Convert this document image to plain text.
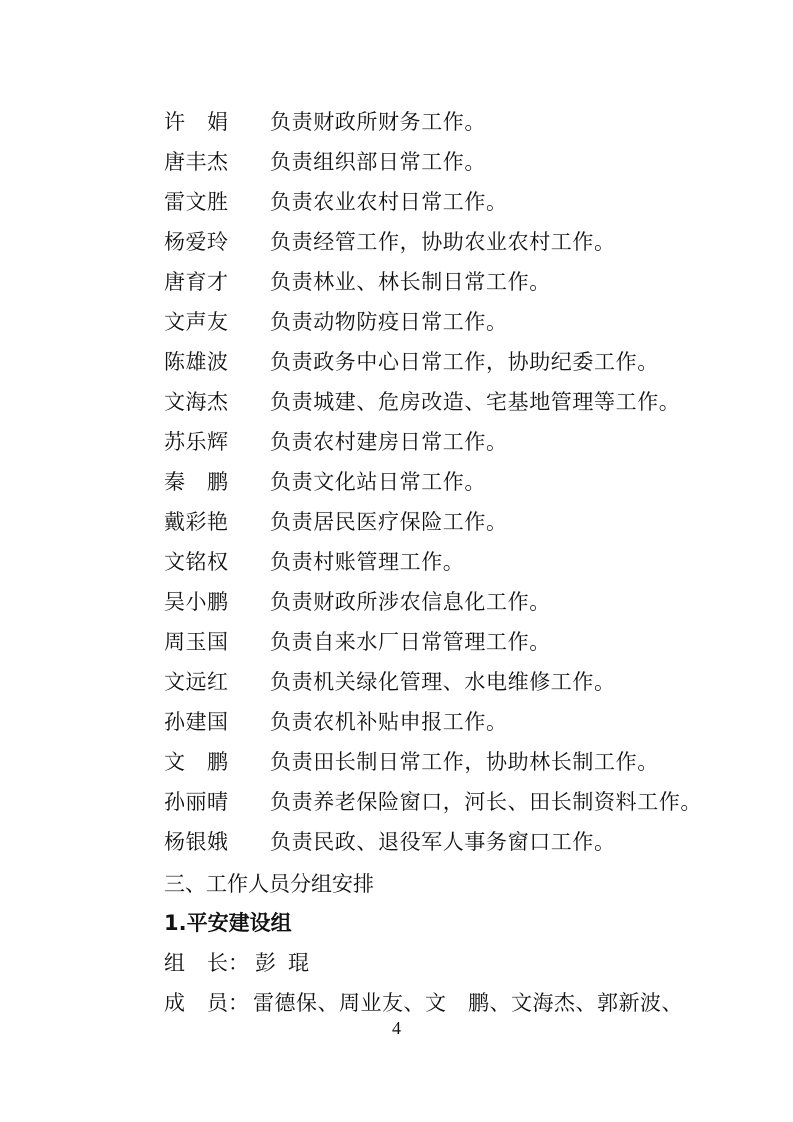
许 娟 负责财政所财务工作。
唐丰杰 负责组织部日常工作。
雷文胜 负责农业农村日常工作。
杨爱玲 负责经管工作，协助农业农村工作。
唐育才 负责林业、林长制日常工作。
文声友 负责动物防疫日常工作。
陈雄波 负责政务中心日常工作，协助纪委工作。
文海杰 负责城建、危房改造、宅基地管理等工作。
苏乐辉 负责农村建房日常工作。
秦 鹏 负责文化站日常工作。
戴彩艳 负责居民医疗保险工作。
文铭权 负责村账管理工作。
吴小鹏 负责财政所涉农信息化工作。
周玉国 负责自来水厂日常管理工作。
文远红 负责机关绿化管理、水电维修工作。
孙建国 负责农机补贴申报工作。
文 鹏 负责田长制日常工作，协助林长制工作。
孙丽晴 负责养老保险窗口，河长、田长制资料工作。
杨银娥 负责民政、退役军人事务窗口工作。
三、工作人员分组安排
1.平安建设组
组 长： 彭 琨
成 员： 雷德保、周业友、文　鹏、文海杰、郭新波、
4
